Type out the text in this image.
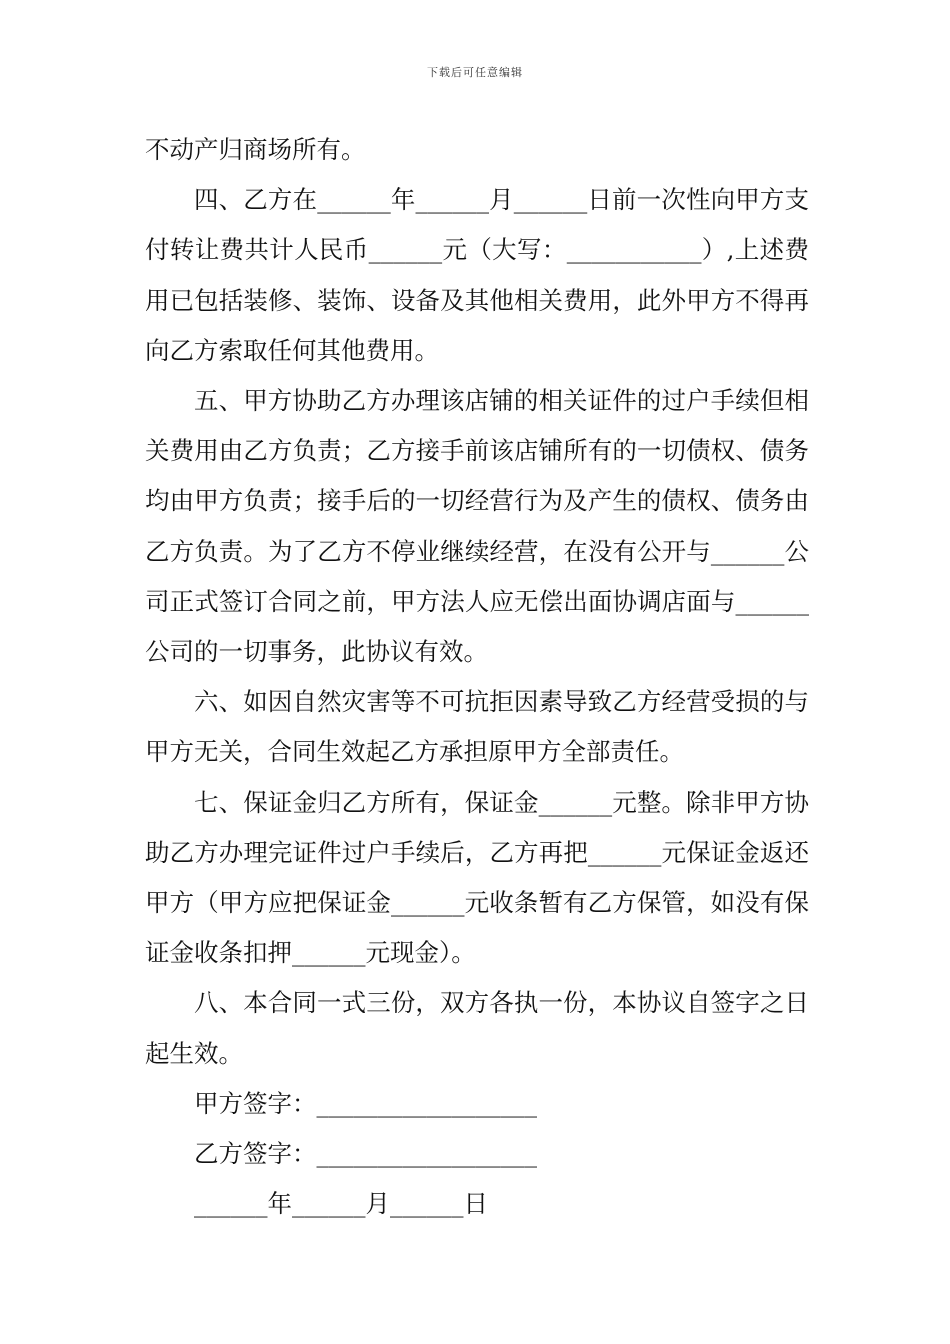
下载后可任意编辑

不动产归商场所有。

四、乙方在______年______月______日前一次性向甲方支付转让费共计人民币______元（大写：___________）,上述费用已包括装修、装饰、设备及其他相关费用，此外甲方不得再向乙方索取任何其他费用。

五、甲方协助乙方办理该店铺的相关证件的过户手续但相关费用由乙方负责；乙方接手前该店铺所有的一切债权、债务均由甲方负责；接手后的一切经营行为及产生的债权、债务由乙方负责。为了乙方不停业继续经营，在没有公开与______公司正式签订合同之前，甲方法人应无偿出面协调店面与______公司的一切事务，此协议有效。

六、如因自然灾害等不可抗拒因素导致乙方经营受损的与甲方无关，合同生效起乙方承担原甲方全部责任。

七、保证金归乙方所有，保证金______元整。除非甲方协助乙方办理完证件过户手续后，乙方再把______元保证金返还甲方（甲方应把保证金______元收条暂有乙方保管，如没有保证金收条扣押______元现金）。

八、本合同一式三份，双方各执一份，本协议自签字之日起生效。

甲方签字：__________________

乙方签字：__________________

______年______月______日
